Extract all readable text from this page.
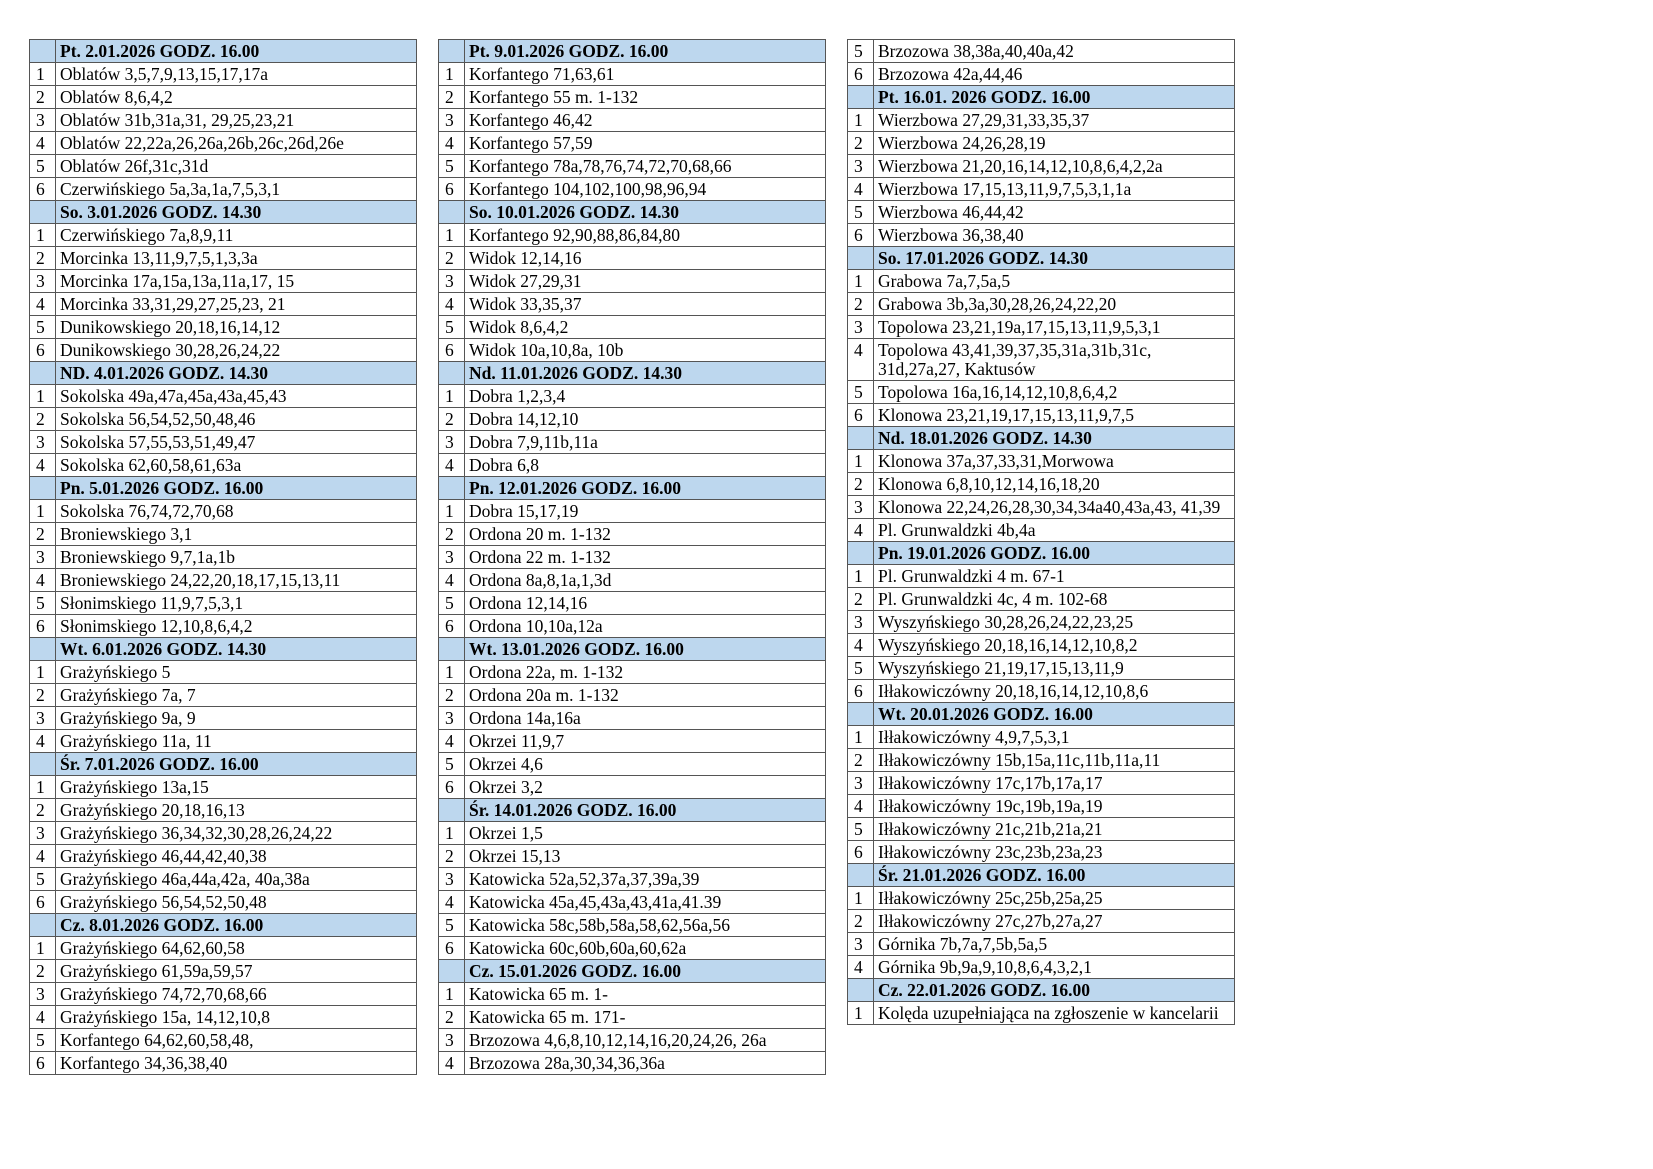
	Pt. 2.01.2026 GODZ. 16.00
1	Oblatów 3,5,7,9,13,15,17,17a
2	Oblatów 8,6,4,2
3	Oblatów 31b,31a,31, 29,25,23,21
4	Oblatów 22,22a,26,26a,26b,26c,26d,26e
5	Oblatów 26f,31c,31d
6	Czerwińskiego 5a,3a,1a,7,5,3,1
	So. 3.01.2026 GODZ. 14.30
1	Czerwińskiego 7a,8,9,11
2	Morcinka 13,11,9,7,5,1,3,3a
3	Morcinka 17a,15a,13a,11a,17, 15
4	Morcinka 33,31,29,27,25,23, 21
5	Dunikowskiego 20,18,16,14,12
6	Dunikowskiego 30,28,26,24,22
	ND. 4.01.2026 GODZ. 14.30
1	Sokolska 49a,47a,45a,43a,45,43
2	Sokolska 56,54,52,50,48,46
3	Sokolska 57,55,53,51,49,47
4	Sokolska 62,60,58,61,63a
	Pn. 5.01.2026 GODZ. 16.00
1	Sokolska 76,74,72,70,68
2	Broniewskiego 3,1
3	Broniewskiego 9,7,1a,1b
4	Broniewskiego 24,22,20,18,17,15,13,11
5	Słonimskiego 11,9,7,5,3,1
6	Słonimskiego 12,10,8,6,4,2
	Wt. 6.01.2026 GODZ. 14.30
1	Grażyńskiego 5
2	Grażyńskiego 7a, 7
3	Grażyńskiego 9a, 9
4	Grażyńskiego 11a, 11
	Śr. 7.01.2026 GODZ. 16.00
1	Grażyńskiego 13a,15
2	Grażyńskiego 20,18,16,13
3	Grażyńskiego 36,34,32,30,28,26,24,22
4	Grażyńskiego 46,44,42,40,38
5	Grażyńskiego 46a,44a,42a, 40a,38a
6	Grażyńskiego 56,54,52,50,48
	Cz. 8.01.2026 GODZ. 16.00
1	Grażyńskiego 64,62,60,58
2	Grażyńskiego 61,59a,59,57
3	Grażyńskiego 74,72,70,68,66
4	Grażyńskiego 15a, 14,12,10,8
5	Korfantego 64,62,60,58,48,
6	Korfantego 34,36,38,40
	Pt. 9.01.2026 GODZ. 16.00
1	Korfantego 71,63,61
2	Korfantego 55 m. 1-132
3	Korfantego 46,42
4	Korfantego 57,59
5	Korfantego 78a,78,76,74,72,70,68,66
6	Korfantego 104,102,100,98,96,94
	So. 10.01.2026 GODZ. 14.30
1	Korfantego 92,90,88,86,84,80
2	Widok 12,14,16
3	Widok 27,29,31
4	Widok 33,35,37
5	Widok 8,6,4,2
6	Widok 10a,10,8a, 10b
	Nd. 11.01.2026 GODZ. 14.30
1	Dobra 1,2,3,4
2	Dobra 14,12,10
3	Dobra 7,9,11b,11a
4	Dobra 6,8
	Pn. 12.01.2026 GODZ. 16.00
1	Dobra 15,17,19
2	Ordona 20 m. 1-132
3	Ordona 22 m. 1-132
4	Ordona 8a,8,1a,1,3d
5	Ordona 12,14,16
6	Ordona 10,10a,12a
	Wt. 13.01.2026 GODZ. 16.00
1	Ordona 22a, m. 1-132
2	Ordona 20a m. 1-132
3	Ordona 14a,16a
4	Okrzei 11,9,7
5	Okrzei 4,6
6	Okrzei 3,2
	Śr. 14.01.2026 GODZ. 16.00
1	Okrzei 1,5
2	Okrzei 15,13
3	Katowicka 52a,52,37a,37,39a,39
4	Katowicka 45a,45,43a,43,41a,41.39
5	Katowicka 58c,58b,58a,58,62,56a,56
6	Katowicka 60c,60b,60a,60,62a
	Cz. 15.01.2026 GODZ. 16.00
1	Katowicka 65 m. 1-
2	Katowicka 65 m. 171-
3	Brzozowa 4,6,8,10,12,14,16,20,24,26, 26a
4	Brzozowa 28a,30,34,36,36a
5	Brzozowa 38,38a,40,40a,42
6	Brzozowa 42a,44,46
	Pt. 16.01. 2026 GODZ. 16.00
1	Wierzbowa 27,29,31,33,35,37
2	Wierzbowa 24,26,28,19
3	Wierzbowa 21,20,16,14,12,10,8,6,4,2,2a
4	Wierzbowa 17,15,13,11,9,7,5,3,1,1a
5	Wierzbowa 46,44,42
6	Wierzbowa 36,38,40
	So. 17.01.2026 GODZ. 14.30
1	Grabowa 7a,7,5a,5
2	Grabowa 3b,3a,30,28,26,24,22,20
3	Topolowa 23,21,19a,17,15,13,11,9,5,3,1
4	Topolowa 43,41,39,37,35,31a,31b,31c, 31d,27a,27, Kaktusów
5	Topolowa 16a,16,14,12,10,8,6,4,2
6	Klonowa 23,21,19,17,15,13,11,9,7,5
	Nd. 18.01.2026 GODZ. 14.30
1	Klonowa 37a,37,33,31,Morwowa
2	Klonowa 6,8,10,12,14,16,18,20
3	Klonowa 22,24,26,28,30,34,34a40,43a,43, 41,39
4	Pl. Grunwaldzki 4b,4a
	Pn. 19.01.2026 GODZ. 16.00
1	Pl. Grunwaldzki 4 m. 67-1
2	Pl. Grunwaldzki 4c, 4 m. 102-68
3	Wyszyńskiego 30,28,26,24,22,23,25
4	Wyszyńskiego 20,18,16,14,12,10,8,2
5	Wyszyńskiego 21,19,17,15,13,11,9
6	Iłłakowiczówny 20,18,16,14,12,10,8,6
	Wt. 20.01.2026 GODZ. 16.00
1	Iłłakowiczówny 4,9,7,5,3,1
2	Iłłakowiczówny 15b,15a,11c,11b,11a,11
3	Iłłakowiczówny 17c,17b,17a,17
4	Iłłakowiczówny 19c,19b,19a,19
5	Iłłakowiczówny 21c,21b,21a,21
6	Iłłakowiczówny 23c,23b,23a,23
	Śr. 21.01.2026 GODZ. 16.00
1	Iłłakowiczówny 25c,25b,25a,25
2	Iłłakowiczówny 27c,27b,27a,27
3	Górnika 7b,7a,7,5b,5a,5
4	Górnika 9b,9a,9,10,8,6,4,3,2,1
	Cz. 22.01.2026 GODZ. 16.00
1	Kolęda uzupełniająca na zgłoszenie w kancelarii
